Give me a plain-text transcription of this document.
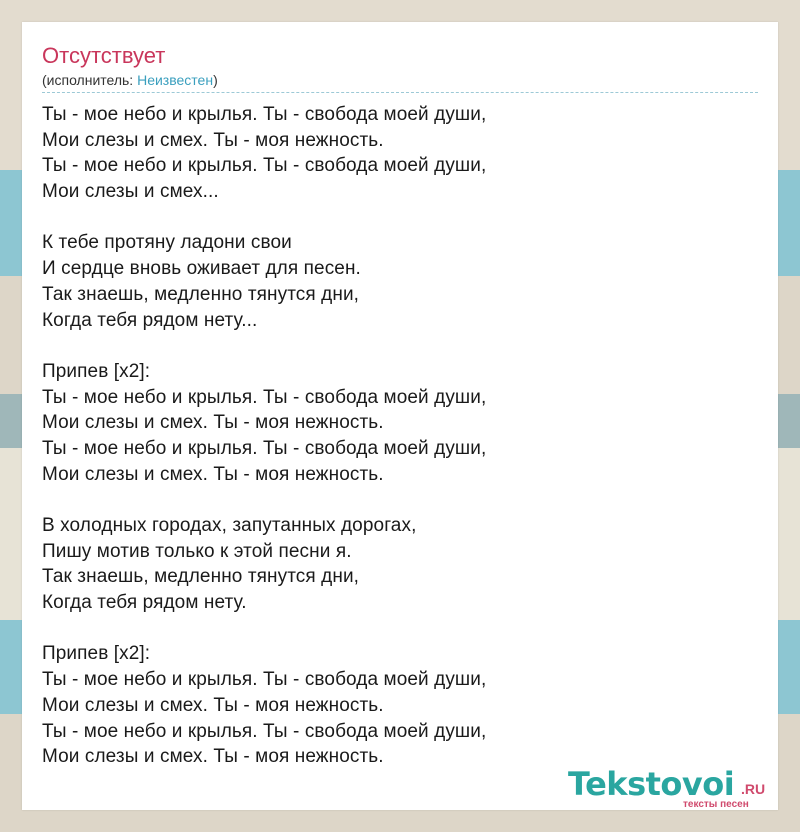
Отсутствует
(исполнитель: Неизвестен)
Ты - мое небо и крылья. Ты - свобода моей души,
Мои слезы и смех. Ты - моя нежность.
Ты - мое небо и крылья. Ты - свобода моей души,
Мои слезы и смех...
К тебе протяну ладони свои
И сердце вновь оживает для песен.
Так знаешь, медленно тянутся дни,
Когда тебя рядом нету...
Припев [x2]:
Ты - мое небо и крылья. Ты - свобода моей души,
Мои слезы и смех. Ты - моя нежность.
Ты - мое небо и крылья. Ты - свобода моей души,
Мои слезы и смех. Ты - моя нежность.
В холодных городах, запутанных дорогах,
Пишу мотив только к этой песни я.
Так знаешь, медленно тянутся дни,
Когда тебя рядом нету.
Припев [x2]:
Ты - мое небо и крылья. Ты - свобода моей души,
Мои слезы и смех. Ты - моя нежность.
Ты - мое небо и крылья. Ты - свобода моей души,
Мои слезы и смех. Ты - моя нежность.
Tekstovoi .RU
тексты песен
